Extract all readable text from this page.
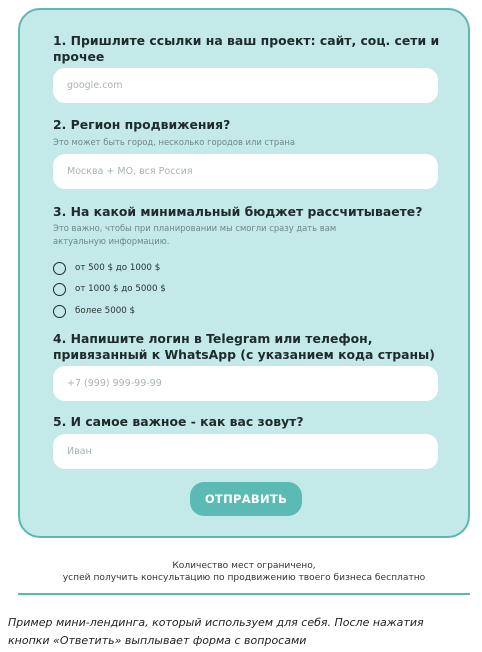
1. Пришлите ссылки на ваш проект: сайт, соц. сети и
прочее
google.com
2. Регион продвижения?
Это может быть город, несколько городов или страна
Москва + МО, вся Россия
3. На какой минимальный бюджет рассчитываете?
Это важно, чтобы при планировании мы смогли сразу дать вам
актуальную информацию.
от 500 $ до 1000 $
от 1000 $ до 5000 $
более 5000 $
4. Напишите логин в Telegram или телефон,
привязанный к WhatsApp (с указанием кода страны)
+7 (999) 999-99-99
5. И самое важное - как вас зовут?
Иван
ОТПРАВИТЬ
Количество мест ограничено,
успей получить консультацию по продвижению твоего бизнеса бесплатно
Пример мини-лендинга, который используем для себя. После нажатия
кнопки «Ответить» выплывает форма с вопросами
